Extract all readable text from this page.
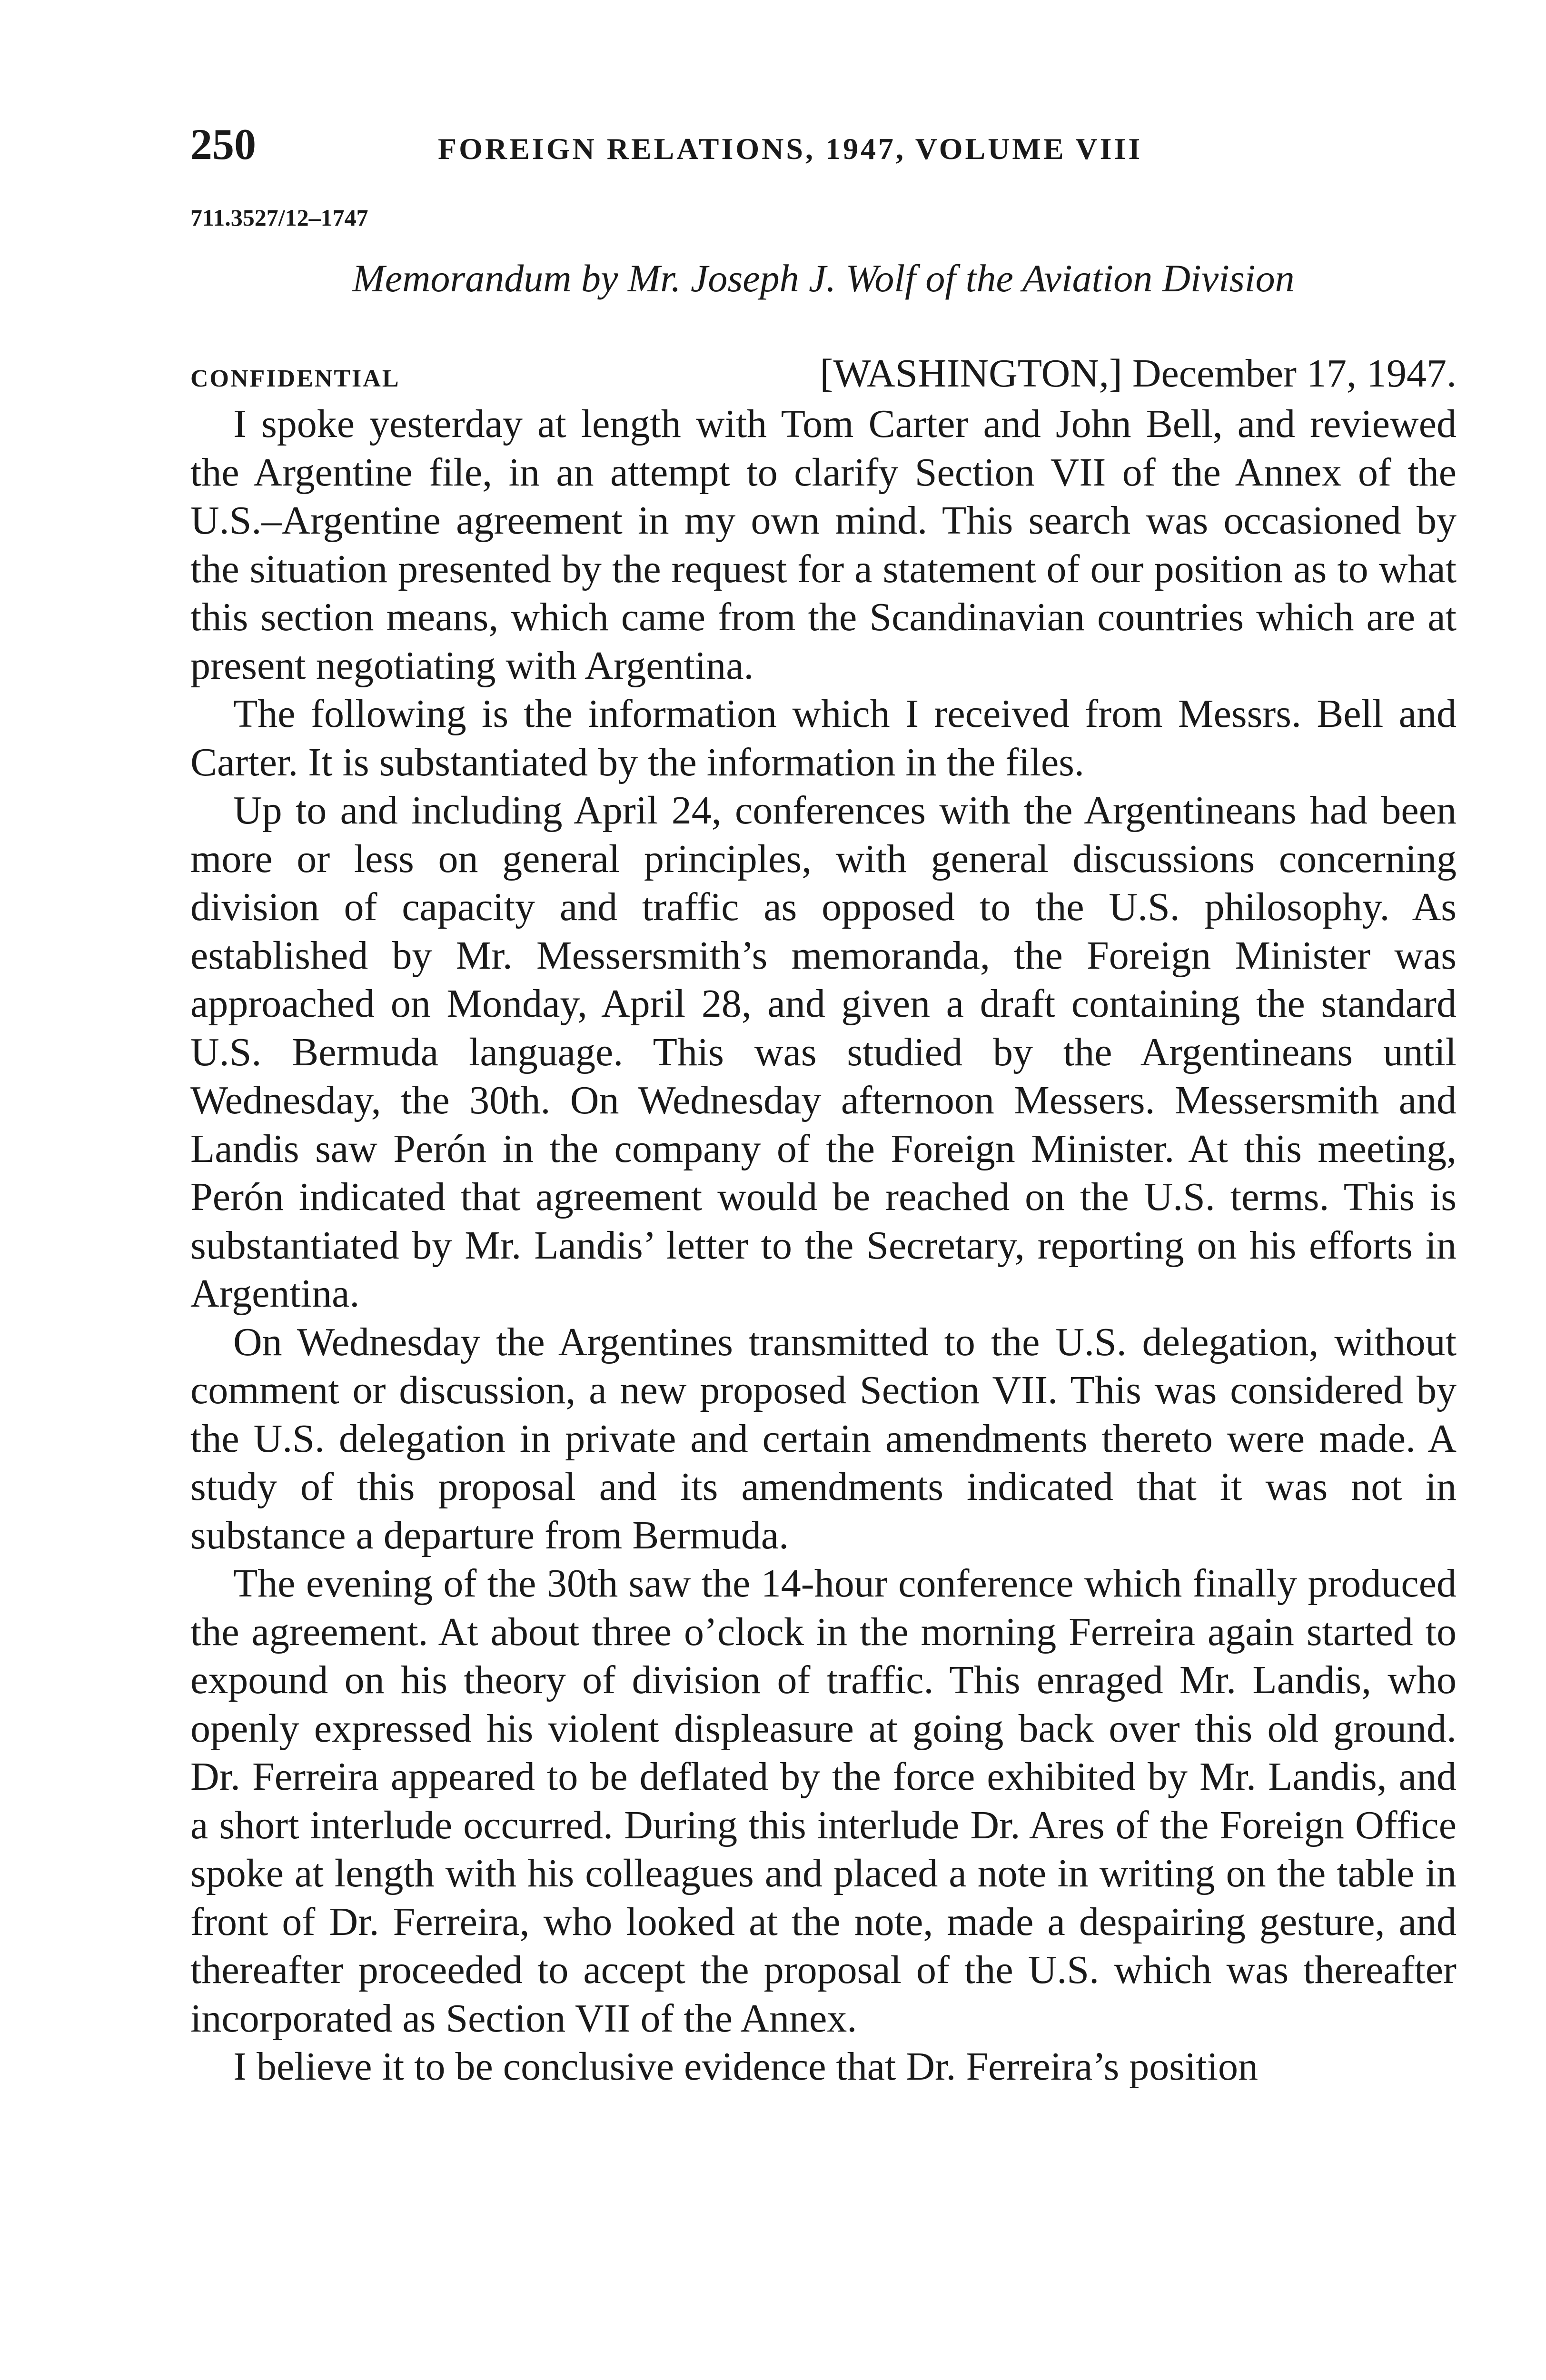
250	FOREIGN RELATIONS, 1947, VOLUME VIII
711.3527/12–1747
Memorandum by Mr. Joseph J. Wolf of the Aviation Division
CONFIDENTIAL	[WASHINGTON,] December 17, 1947.

I spoke yesterday at length with Tom Carter and John Bell, and reviewed the Argentine file, in an attempt to clarify Section VII of the Annex of the U.S.–Argentine agreement in my own mind. This search was occasioned by the situation presented by the request for a statement of our position as to what this section means, which came from the Scandinavian countries which are at present negotiating with Argentina.

The following is the information which I received from Messrs. Bell and Carter. It is substantiated by the information in the files.

Up to and including April 24, conferences with the Argentineans had been more or less on general principles, with general discussions concerning division of capacity and traffic as opposed to the U.S. philosophy. As established by Mr. Messersmith’s memoranda, the Foreign Minister was approached on Monday, April 28, and given a draft containing the standard U.S. Bermuda language. This was studied by the Argentineans until Wednesday, the 30th. On Wednesday afternoon Messers. Messersmith and Landis saw Perón in the company of the Foreign Minister. At this meeting, Perón indicated that agreement would be reached on the U.S. terms. This is substantiated by Mr. Landis’ letter to the Secretary, reporting on his efforts in Argentina.

On Wednesday the Argentines transmitted to the U.S. delegation, without comment or discussion, a new proposed Section VII. This was considered by the U.S. delegation in private and certain amendments thereto were made. A study of this proposal and its amendments indicated that it was not in substance a departure from Bermuda.

The evening of the 30th saw the 14-hour conference which finally produced the agreement. At about three o’clock in the morning Ferreira again started to expound on his theory of division of traffic. This enraged Mr. Landis, who openly expressed his violent displeasure at going back over this old ground. Dr. Ferreira appeared to be deflated by the force exhibited by Mr. Landis, and a short interlude occurred. During this interlude Dr. Ares of the Foreign Office spoke at length with his colleagues and placed a note in writing on the table in front of Dr. Ferreira, who looked at the note, made a despairing gesture, and thereafter proceeded to accept the proposal of the U.S. which was thereafter incorporated as Section VII of the Annex.

I believe it to be conclusive evidence that Dr. Ferreira’s position
